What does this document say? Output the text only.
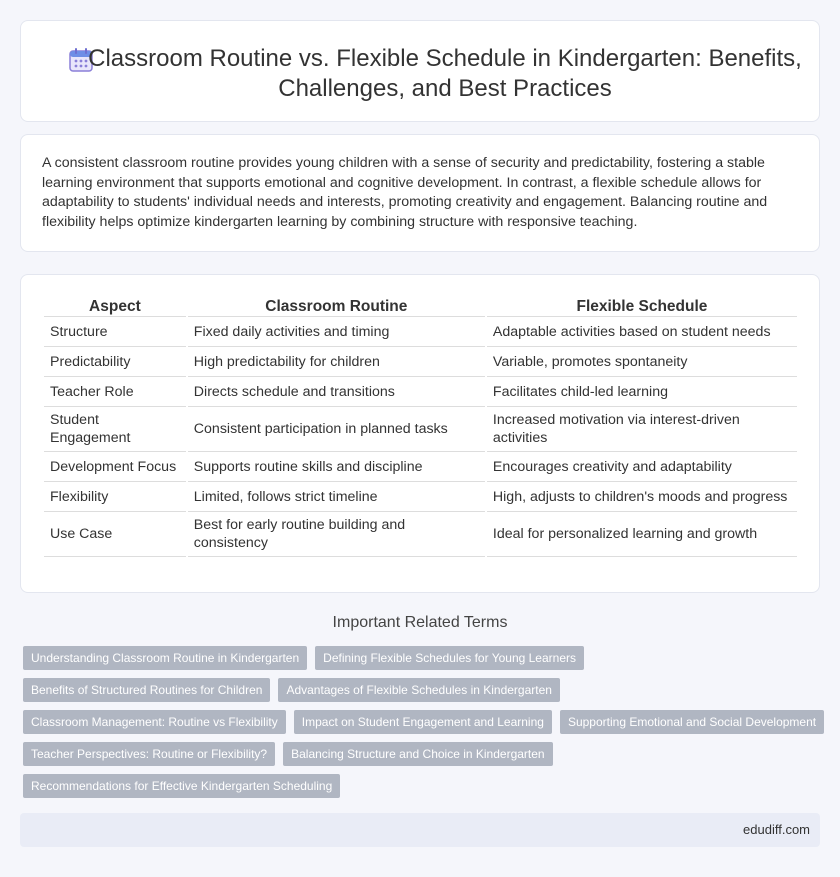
Classroom Routine vs. Flexible Schedule in Kindergarten: Benefits, Challenges, and Best Practices

A consistent classroom routine provides young children with a sense of security and predictability, fostering a stable learning environment that supports emotional and cognitive development. In contrast, a flexible schedule allows for adaptability to students' individual needs and interests, promoting creativity and engagement. Balancing routine and flexibility helps optimize kindergarten learning by combining structure with responsive teaching.

Aspect	Classroom Routine	Flexible Schedule
Structure	Fixed daily activities and timing	Adaptable activities based on student needs
Predictability	High predictability for children	Variable, promotes spontaneity
Teacher Role	Directs schedule and transitions	Facilitates child-led learning
Student Engagement	Consistent participation in planned tasks	Increased motivation via interest-driven activities
Development Focus	Supports routine skills and discipline	Encourages creativity and adaptability
Flexibility	Limited, follows strict timeline	High, adjusts to children's moods and progress
Use Case	Best for early routine building and consistency	Ideal for personalized learning and growth
Important Related Terms
Understanding Classroom Routine in Kindergarten	Defining Flexible Schedules for Young Learners
Benefits of Structured Routines for Children	Advantages of Flexible Schedules in Kindergarten
Classroom Management: Routine vs Flexibility	Impact on Student Engagement and Learning	Supporting Emotional and Social Development
Teacher Perspectives: Routine or Flexibility?	Balancing Structure and Choice in Kindergarten
Recommendations for Effective Kindergarten Scheduling
edudiff.com
